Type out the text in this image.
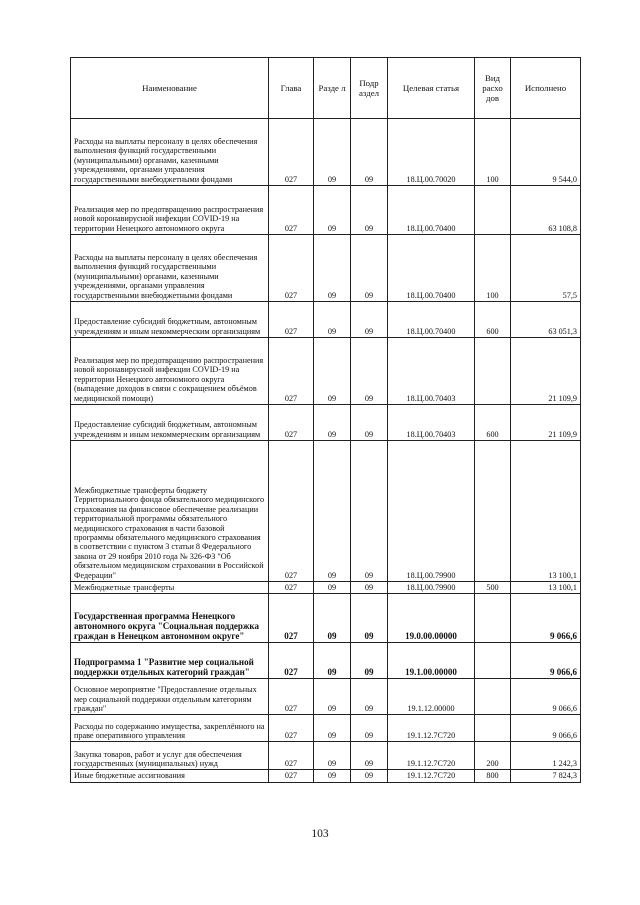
Наименование	Глава	Разде л	Подр аздел	Целевая статья	Вид расхо дов	Исполнено
Расходы на выплаты персоналу в целях обеспечения выполнения функций государственными (муниципальными) органами, казенными учреждениями, органами управления государственными внебюджетными фондами	027	09	09	18.Ц.00.70020	100	9 544,0
Реализация мер по предотвращению распространения новой коронавирусной инфекции COVID-19 на территории Ненецкого автономного округа	027	09	09	18.Ц.00.70400		63 108,8
Расходы на выплаты персоналу в целях обеспечения выполнения функций государственными (муниципальными) органами, казенными учреждениями, органами управления государственными внебюджетными фондами	027	09	09	18.Ц.00.70400	100	57,5
Предоставление субсидий бюджетным, автономным учреждениям и иным некоммерческим организациям	027	09	09	18.Ц.00.70400	600	63 051,3
Реализация мер по предотвращению распространения новой коронавирусной инфекции COVID-19 на территории Ненецкого автономного округа (выпадение доходов в связи с сокращением объёмов медицинской помощи)	027	09	09	18.Ц.00.70403		21 109,9
Предоставление субсидий бюджетным, автономным учреждениям и иным некоммерческим организациям	027	09	09	18.Ц.00.70403	600	21 109,9
Межбюджетные трансферты бюджету Территориального фонда обязательного медицинского страхования на финансовое обеспечение реализации территориальной программы обязательного медицинского страхования в части базовой программы обязательного медицинского страхования в соответствии с пунктом 3 статьи 8 Федерального закона от 29 ноября 2010 года № 326-ФЗ "Об обязательном медицинском страховании в Российской Федерации"	027	09	09	18.Ц.00.79900		13 100,1
Межбюджетные трансферты	027	09	09	18.Ц.00.79900	500	13 100,1
Государственная программа Ненецкого автономного округа "Социальная поддержка граждан в Ненецком автономном округе"	027	09	09	19.0.00.00000		9 066,6
Подпрограмма 1 "Развитие мер социальной поддержки отдельных категорий граждан"	027	09	09	19.1.00.00000		9 066,6
Основное мероприятие "Предоставление отдельных мер социальной поддержки отдельным категориям граждан"	027	09	09	19.1.12.00000		9 066,6
Расходы по содержанию имущества, закреплённого на праве оперативного управления	027	09	09	19.1.12.7С720		9 066,6
Закупка товаров, работ и услуг для обеспечения государственных (муниципальных) нужд	027	09	09	19.1.12.7С720	200	1 242,3
Иные бюджетные ассигнования	027	09	09	19.1.12.7С720	800	7 824,3
103
